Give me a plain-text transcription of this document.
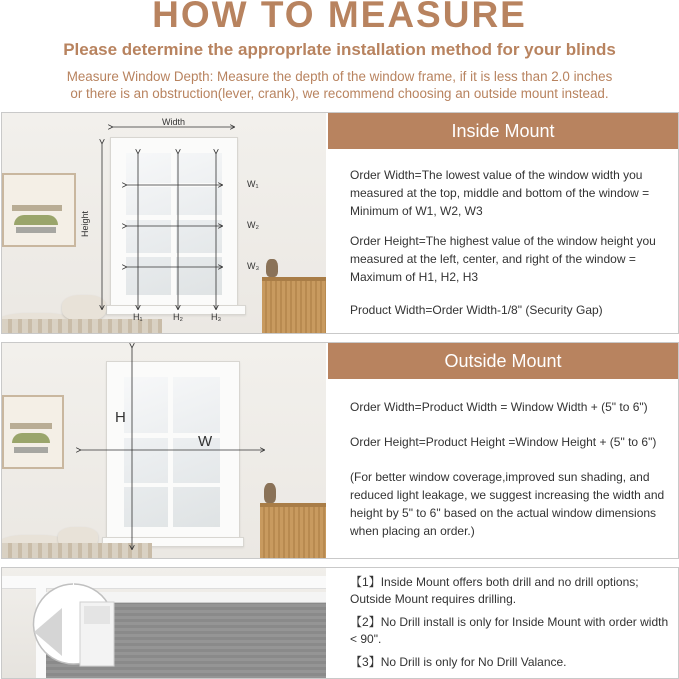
HOW TO MEASURE
Please determine the approprlate installation method for your blinds
Measure Window Depth: Measure the depth of the window frame, if it is less than 2.0 inches
or there is an obstruction(lever, crank), we recommend choosing an outside mount instead.
Width
Height
W₁
W₂
W₃
H₁	H₂	H₃
Inside Mount
Order Width=The lowest value of the window width you measured at the top, middle and bottom of the window = Minimum of W1, W2, W3
Order Height=The highest value of the window height you measured at the left, center, and right of the window = Maximum of H1, H2, H3
Product Width=Order Width-1/8" (Security Gap)
H
W
Outside Mount
Order Width=Product Width = Window Width + (5" to 6")
Order Height=Product Height =Window Height + (5" to 6")
(For better window coverage,improved sun shading, and reduced light leakage, we suggest increasing the width and height by 5" to 6" based on the actual window dimensions when placing an order.)
【1】Inside Mount offers both drill and no drill options; Outside Mount requires drilling.
【2】No Drill install is only for Inside Mount with order width < 90".
【3】No Drill is only for No Drill Valance.
